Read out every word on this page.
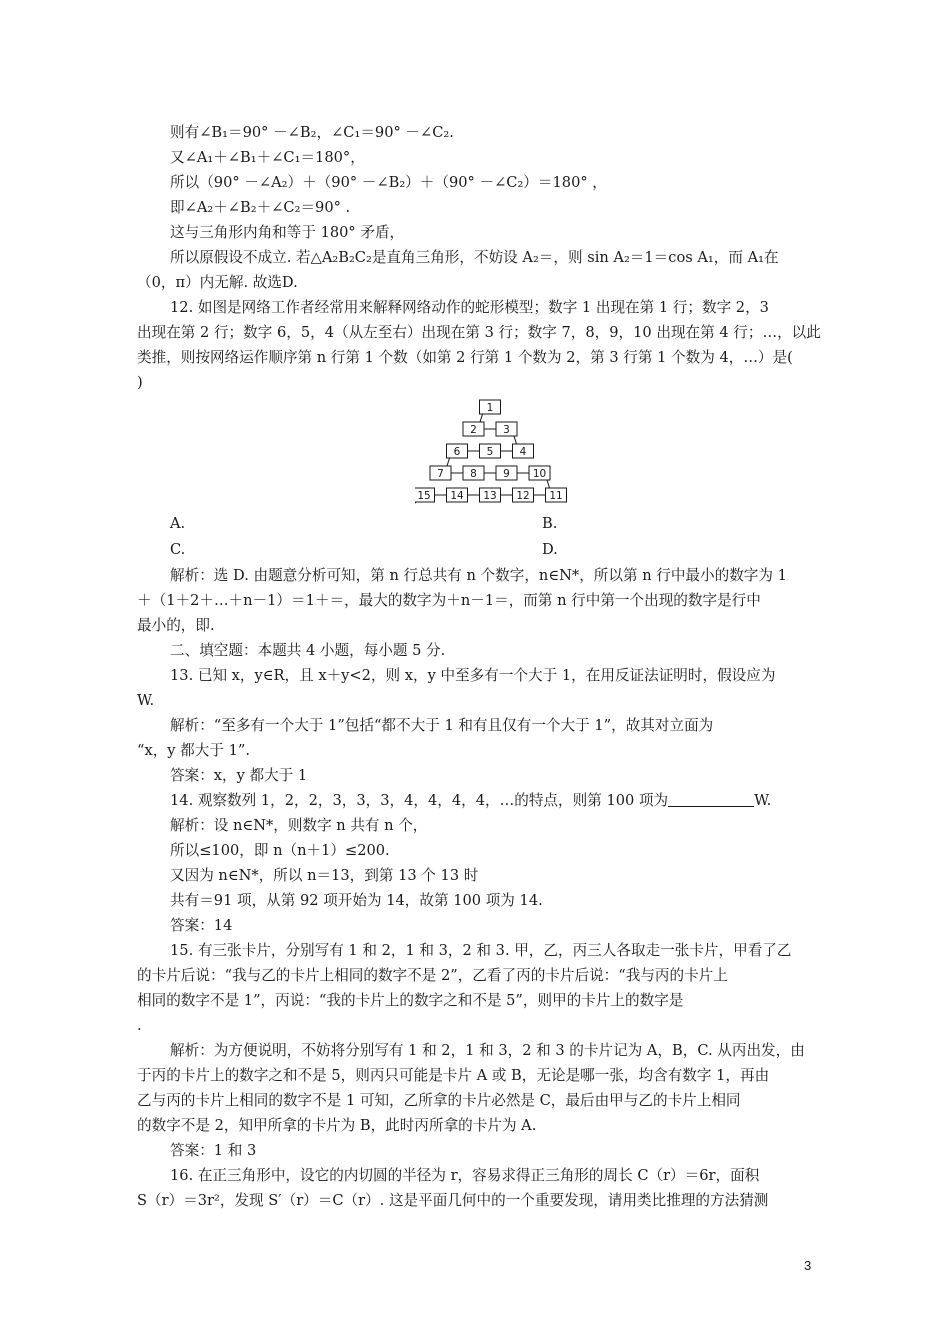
则有∠B₁＝90° －∠B₂，∠C₁＝90° －∠C₂.
又∠A₁＋∠B₁＋∠C₁＝180°，
所以（90° －∠A₂）＋（90° －∠B₂）＋（90° －∠C₂）＝180° ，
即∠A₂＋∠B₂＋∠C₂＝90° .
这与三角形内角和等于 180° 矛盾，
所以原假设不成立. 若△A₂B₂C₂是直角三角形，不妨设 A₂＝，则 sin A₂＝1＝cos A₁，而 A₁在
（0，π）内无解. 故选D.
12. 如图是网络工作者经常用来解释网络动作的蛇形模型；数字 1 出现在第 1 行；数字 2，3
出现在第 2 行；数字 6，5，4（从左至右）出现在第 3 行；数字 7，8，9，10 出现在第 4 行；…，以此
类推，则按网络运作顺序第 n 行第 1 个数（如第 2 行第 1 个数为 2，第 3 行第 1 个数为 4，…）是(
)
1
2	3
6	5	4
7	8	9 10
15 14 13 12 11
A.	B.
C.	D.
解析：选 D. 由题意分析可知，第 n 行总共有 n 个数字，n∈N*，所以第 n 行中最小的数字为 1
＋（1＋2＋…＋n－1）＝1＋＝，最大的数字为＋n－1＝，而第 n 行中第一个出现的数字是行中
最小的，即.
二、填空题：本题共 4 小题，每小题 5 分.
13. 已知 x，y∈R，且 x＋y<2，则 x，y 中至多有一个大于 1，在用反证法证明时，假设应为
W.
解析：“至多有一个大于 1”包括“都不大于 1 和有且仅有一个大于 1”，故其对立面为
“x，y 都大于 1”.
答案：x，y 都大于 1
14. 观察数列 1，2，2，3，3，3，4，4，4，4，…的特点，则第 100 项为	W.
解析：设 n∈N*，则数字 n 共有 n 个，
所以≤100，即 n（n＋1）≤200.
又因为 n∈N*，所以 n＝13，到第 13 个 13 时
共有＝91 项，从第 92 项开始为 14，故第 100 项为 14.
答案：14
15. 有三张卡片，分别写有 1 和 2，1 和 3，2 和 3. 甲，乙，丙三人各取走一张卡片，甲看了乙
的卡片后说：“我与乙的卡片上相同的数字不是 2”，乙看了丙的卡片后说：“我与丙的卡片上
相同的数字不是 1”，丙说：“我的卡片上的数字之和不是 5”，则甲的卡片上的数字是
.
解析：为方便说明，不妨将分别写有 1 和 2，1 和 3，2 和 3 的卡片记为 A，B，C. 从丙出发，由
于丙的卡片上的数字之和不是 5，则丙只可能是卡片 A 或 B，无论是哪一张，均含有数字 1，再由
乙与丙的卡片上相同的数字不是 1 可知，乙所拿的卡片必然是 C，最后由甲与乙的卡片上相同
的数字不是 2，知甲所拿的卡片为 B，此时丙所拿的卡片为 A.
答案：1 和 3
16. 在正三角形中，设它的内切圆的半径为 r，容易求得正三角形的周长 C（r）＝6r，面积
S（r）＝3r²，发现 S′（r）＝C（r）. 这是平面几何中的一个重要发现，请用类比推理的方法猜测
3
